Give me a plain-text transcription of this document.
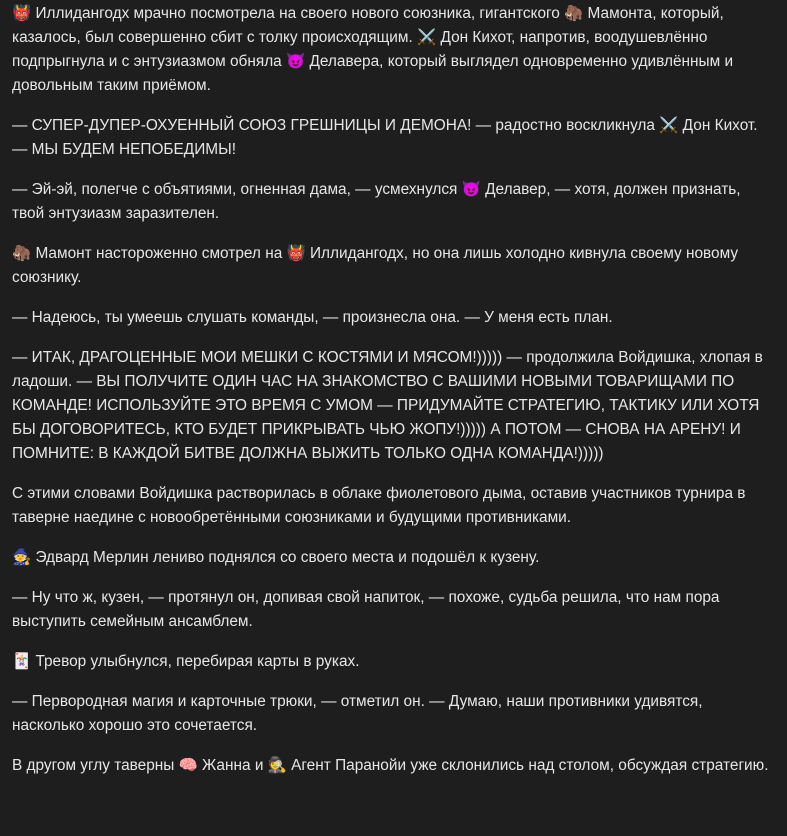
👹 Иллидангодх мрачно посмотрела на своего нового союзника, гигантского 🦣 Мамонта, который, казалось, был совершенно сбит с толку происходящим. ⚔️ Дон Кихот, напротив, воодушевлённо подпрыгнула и с энтузиазмом обняла 😈 Делавера, который выглядел одновременно удивлённым и довольным таким приёмом.

— СУПЕР-ДУПЕР-ОХУЕННЫЙ СОЮЗ ГРЕШНИЦЫ И ДЕМОНА! — радостно воскликнула ⚔️ Дон Кихот. — МЫ БУДЕМ НЕПОБЕДИМЫ!

— Эй-эй, полегче с объятиями, огненная дама, — усмехнулся 😈 Делавер, — хотя, должен признать, твой энтузиазм заразителен.

🦣 Мамонт настороженно смотрел на 👹 Иллидангодх, но она лишь холодно кивнула своему новому союзнику.

— Надеюсь, ты умеешь слушать команды, — произнесла она. — У меня есть план.

— ИТАК, ДРАГОЦЕННЫЕ МОИ МЕШКИ С КОСТЯМИ И МЯСОМ!))))) — продолжила Войдишка, хлопая в ладоши. — ВЫ ПОЛУЧИТЕ ОДИН ЧАС НА ЗНАКОМСТВО С ВАШИМИ НОВЫМИ ТОВАРИЩАМИ ПО КОМАНДЕ! ИСПОЛЬЗУЙТЕ ЭТО ВРЕМЯ С УМОМ — ПРИДУМАЙТЕ СТРАТЕГИЮ, ТАКТИКУ ИЛИ ХОТЯ БЫ ДОГОВОРИТЕСЬ, КТО БУДЕТ ПРИКРЫВАТЬ ЧЬЮ ЖОПУ!))))) А ПОТОМ — СНОВА НА АРЕНУ! И ПОМНИТЕ: В КАЖДОЙ БИТВЕ ДОЛЖНА ВЫЖИТЬ ТОЛЬКО ОДНА КОМАНДА!)))))

С этими словами Войдишка растворилась в облаке фиолетового дыма, оставив участников турнира в таверне наедине с новообретёнными союзниками и будущими противниками.

🧙 Эдвард Мерлин лениво поднялся со своего места и подошёл к кузену.

— Ну что ж, кузен, — протянул он, допивая свой напиток, — похоже, судьба решила, что нам пора выступить семейным ансамблем.

🃏 Тревор улыбнулся, перебирая карты в руках.

— Первородная магия и карточные трюки, — отметил он. — Думаю, наши противники удивятся, насколько хорошо это сочетается.

В другом углу таверны 🧠 Жанна и 🕵️ Агент Паранойи уже склонились над столом, обсуждая стратегию.
